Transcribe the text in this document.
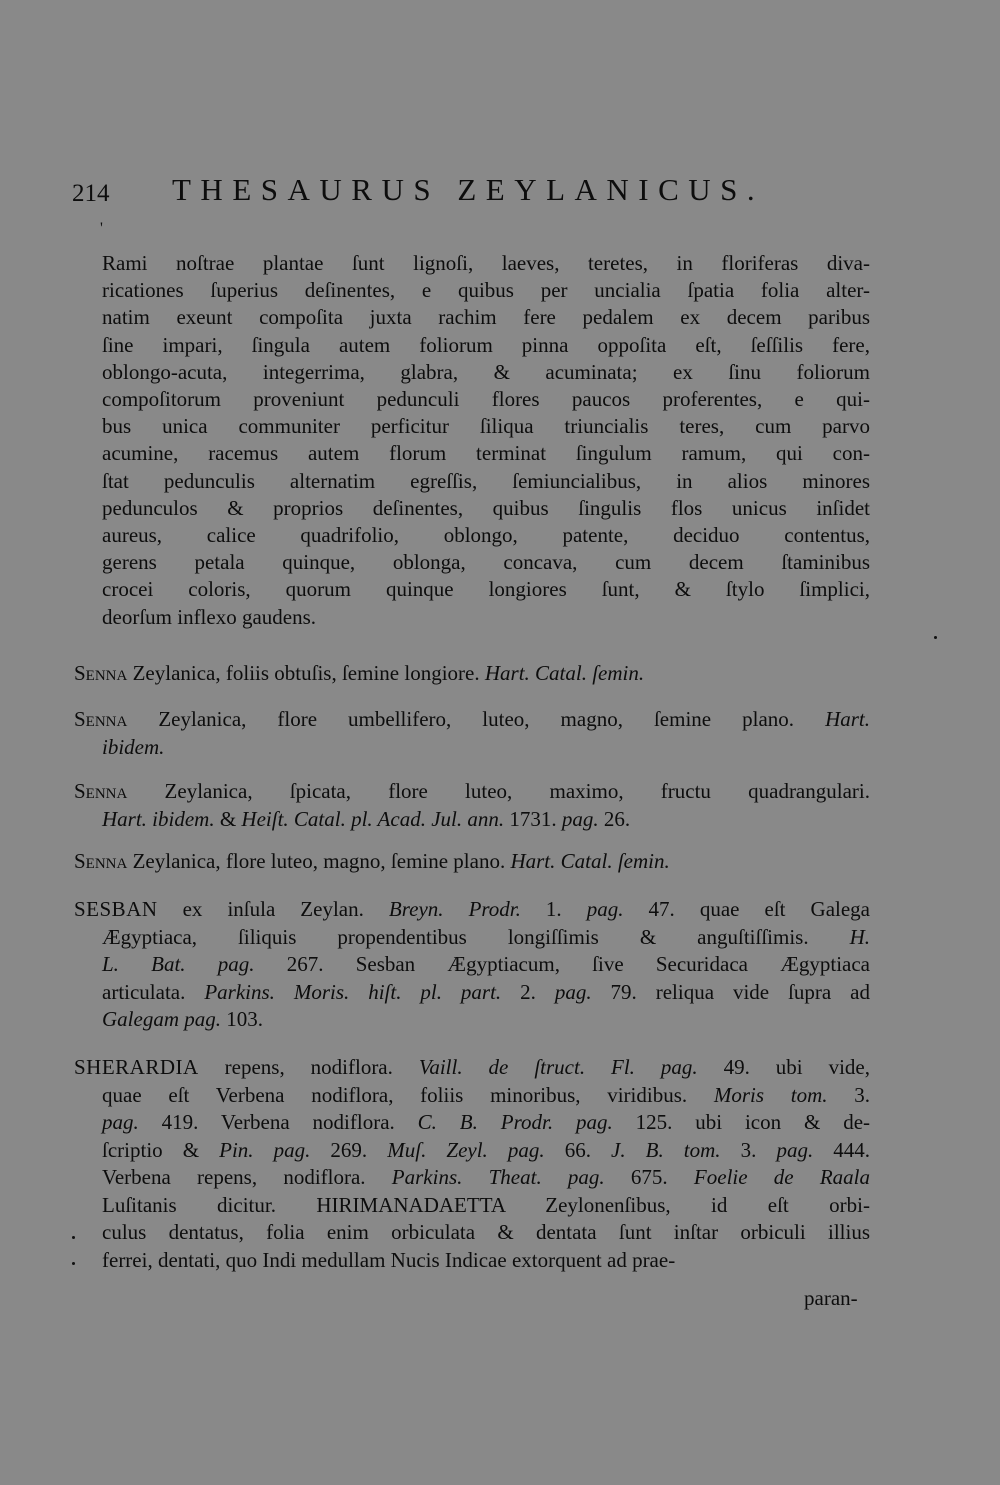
214 THESAURUS ZEYLANICUS.
'
Rami noſtrae plantae ſunt lignoſi, laeves, teretes, in floriferas diva-
ricationes ſuperius deſinentes, e quibus per uncialia ſpatia folia alter-
natim exeunt compoſita juxta rachim fere pedalem ex decem paribus
ſine impari, ſingula autem foliorum pinna oppoſita eſt, ſeſſilis fere,
oblongo-acuta, integerrima, glabra, & acuminata; ex ſinu foliorum
compoſitorum proveniunt pedunculi flores paucos proferentes, e qui-
bus unica communiter perficitur ſiliqua triuncialis teres, cum parvo
acumine, racemus autem florum terminat ſingulum ramum, qui con-
ſtat pedunculis alternatim egreſſis, ſemiuncialibus, in alios minores
pedunculos & proprios deſinentes, quibus ſingulis flos unicus inſidet
aureus, calice quadrifolio, oblongo, patente, deciduo contentus,
gerens petala quinque, oblonga, concava, cum decem ſtaminibus
crocei coloris, quorum quinque longiores ſunt, & ſtylo ſimplici,
deorſum inflexo gaudens.
Senna Zeylanica, foliis obtuſis, ſemine longiore. Hart. Catal. ſemin.
Senna Zeylanica, flore umbellifero, luteo, magno, ſemine plano. Hart.
ibidem.
Senna Zeylanica, ſpicata, flore luteo, maximo, fructu quadrangulari.
Hart. ibidem. & Heiſt. Catal. pl. Acad. Jul. ann. 1731. pag. 26.
Senna Zeylanica, flore luteo, magno, ſemine plano. Hart. Catal. ſemin.
SESBAN ex inſula Zeylan. Breyn. Prodr. 1. pag. 47. quae eſt Galega
Ægyptiaca, ſiliquis propendentibus longiſſimis & anguſtiſſimis. H.
L. Bat. pag. 267. Sesban Ægyptiacum, ſive Securidaca Ægyptiaca
articulata. Parkins. Moris. hiſt. pl. part. 2. pag. 79. reliqua vide ſupra ad
Galegam pag. 103.
SHERARDIA repens, nodiflora. Vaill. de ſtruct. Fl. pag. 49. ubi vide,
quae eſt Verbena nodiflora, foliis minoribus, viridibus. Moris tom. 3.
pag. 419. Verbena nodiflora. C. B. Prodr. pag. 125. ubi icon & de-
ſcriptio & Pin. pag. 269. Muſ. Zeyl. pag. 66. J. B. tom. 3. pag. 444.
Verbena repens, nodiflora. Parkins. Theat. pag. 675. Foelie de Raala
Luſitanis dicitur. HIRIMANADAETTA Zeylonenſibus, id eſt orbi-
culus dentatus, folia enim orbiculata & dentata ſunt inſtar orbiculi illius
ferrei, dentati, quo Indi medullam Nucis Indicae extorquent ad prae-
paran-
